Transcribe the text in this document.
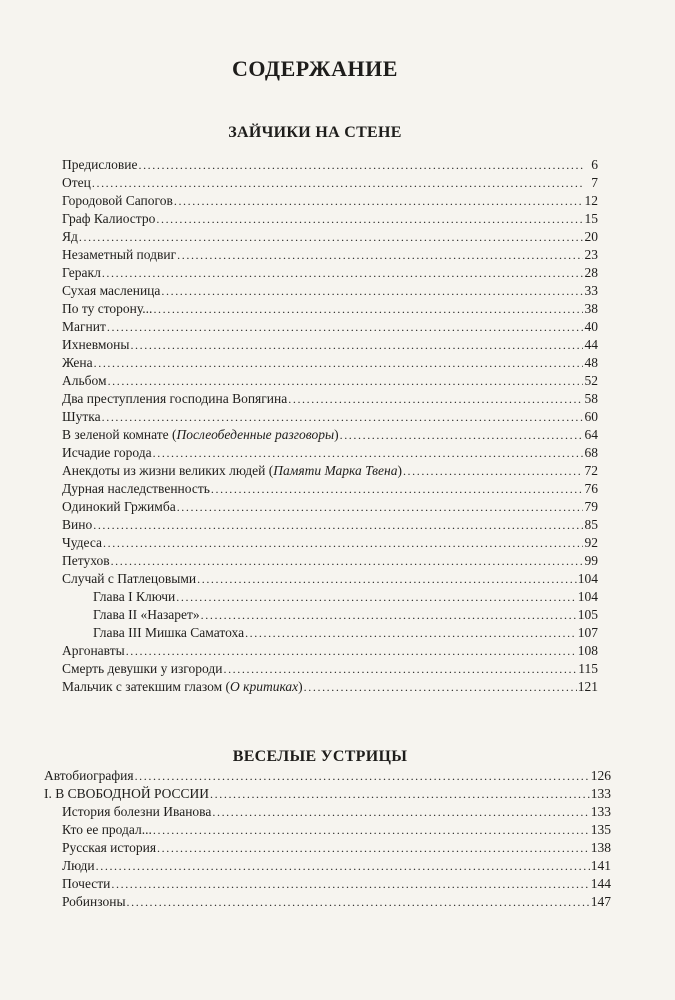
СОДЕРЖАНИЕ
ЗАЙЧИКИ НА СТЕНЕ
Предисловие .....	6
Отец .....	7
Городовой Сапогов .....	12
Граф Калиостро .....	15
Яд .....	20
Незаметный подвиг .....	23
Геракл .....	28
Сухая масленица .....	33
По ту сторону... .....	38
Магнит .....	40
Ихневмоны .....	44
Жена .....	48
Альбом .....	52
Два преступления господина Вопягина .....	58
Шутка .....	60
В зеленой комнате (Послеобеденные разговоры) .....	64
Исчадие города .....	68
Анекдоты из жизни великих людей (Памяти Марка Твена) .....	72
Дурная наследственность .....	76
Одинокий Гржимба .....	79
Вино .....	85
Чудеса .....	92
Петухов .....	99
Случай с Патлецовыми .....	104
Глава I Ключи .....	104
Глава II «Назарет» .....	105
Глава III Мишка Саматоха .....	107
Аргонавты .....	108
Смерть девушки у изгороди .....	115
Мальчик с затекшим глазом (О критиках) .....	121
ВЕСЕЛЫЕ УСТРИЦЫ
Автобиография .....	126
I. В СВОБОДНОЙ РОССИИ .....	133
История болезни Иванова .....	133
Кто ее продал... .....	135
Русская история .....	138
Люди .....	141
Почести .....	144
Робинзоны .....	147
